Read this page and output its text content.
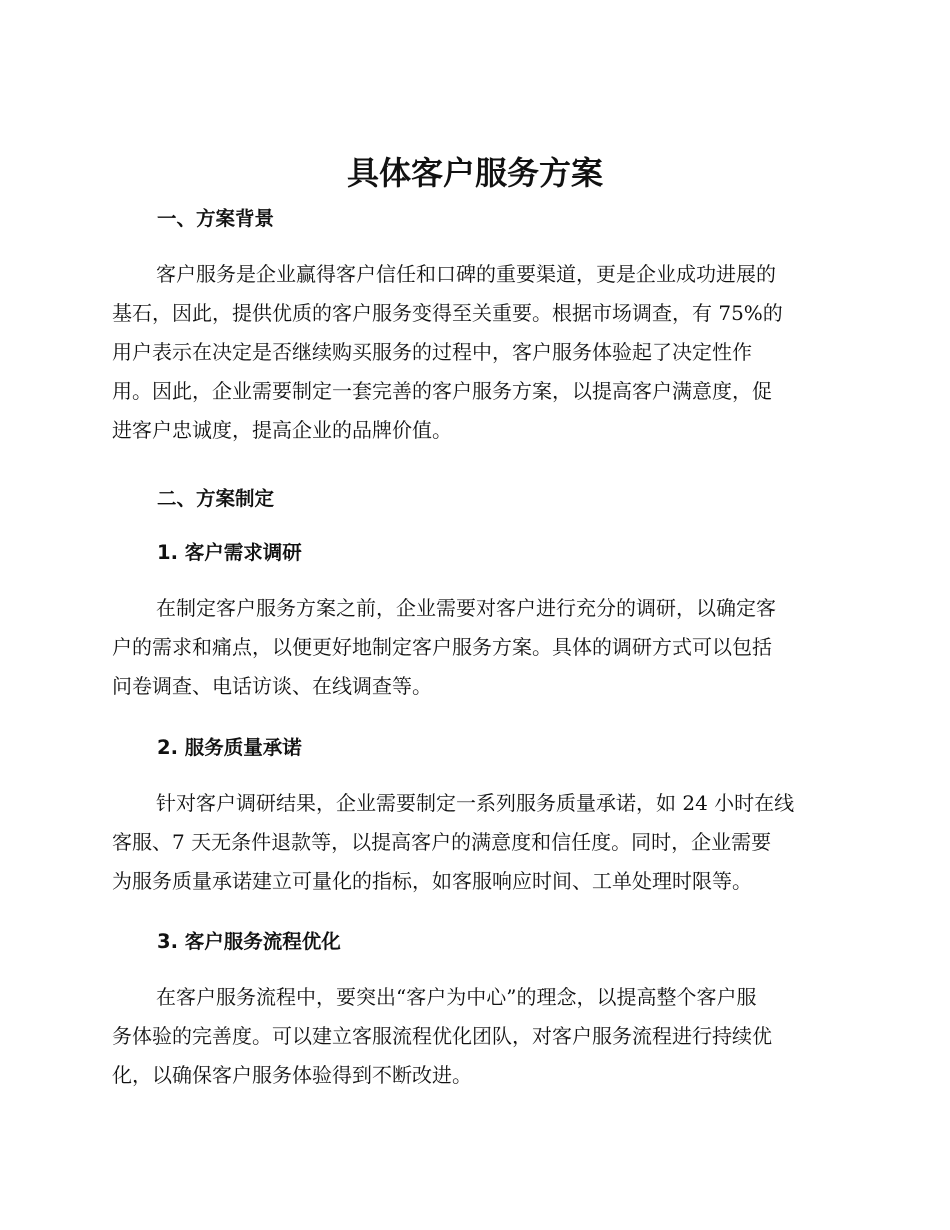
具体客户服务方案
一、方案背景
客户服务是企业赢得客户信任和口碑的重要渠道，更是企业成功进展的
基石，因此，提供优质的客户服务变得至关重要。根据市场调查，有 75%的
用户表示在决定是否继续购买服务的过程中，客户服务体验起了决定性作
用。因此，企业需要制定一套完善的客户服务方案，以提高客户满意度，促
进客户忠诚度，提高企业的品牌价值。
二、方案制定
1. 客户需求调研
在制定客户服务方案之前，企业需要对客户进行充分的调研，以确定客
户的需求和痛点，以便更好地制定客户服务方案。具体的调研方式可以包括
问卷调查、电话访谈、在线调查等。
2. 服务质量承诺
针对客户调研结果，企业需要制定一系列服务质量承诺，如 24 小时在线
客服、7 天无条件退款等，以提高客户的满意度和信任度。同时，企业需要
为服务质量承诺建立可量化的指标，如客服响应时间、工单处理时限等。
3. 客户服务流程优化
在客户服务流程中，要突出“客户为中心”的理念，以提高整个客户服
务体验的完善度。可以建立客服流程优化团队，对客户服务流程进行持续优
化，以确保客户服务体验得到不断改进。
